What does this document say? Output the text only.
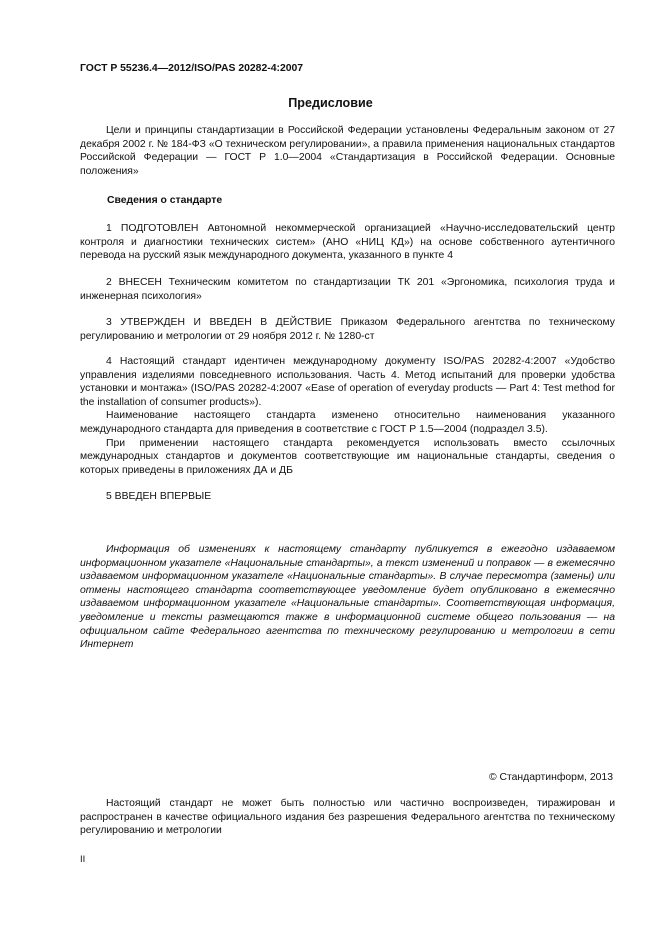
ГОСТ Р 55236.4—2012/ISO/PAS 20282-4:2007
Предисловие

Цели и принципы стандартизации в Российской Федерации установлены Федеральным законом от 27 декабря 2002 г. № 184-ФЗ «О техническом регулировании», а правила применения национальных стандартов Российской Федерации — ГОСТ Р 1.0—2004 «Стандартизация в Российской Федерации. Основные положения»

Сведения о стандарте

1 ПОДГОТОВЛЕН Автономной некоммерческой организацией «Научно-исследовательский центр контроля и диагностики технических систем» (АНО «НИЦ КД») на основе собственного аутентичного перевода на русский язык международного документа, указанного в пункте 4

2 ВНЕСЕН Техническим комитетом по стандартизации ТК 201 «Эргономика, психология труда и инженерная психология»

3 УТВЕРЖДЕН И ВВЕДЕН В ДЕЙСТВИЕ Приказом Федерального агентства по техническому регулированию и метрологии от 29 ноября 2012 г. № 1280-ст

4 Настоящий стандарт идентичен международному документу ISO/PAS 20282-4:2007 «Удобство управления изделиями повседневного использования. Часть 4. Метод испытаний для проверки удобства установки и монтажа» (ISO/PAS 20282-4:2007 «Ease of operation of everyday products — Part 4: Test method for the installation of consumer products»).

Наименование настоящего стандарта изменено относительно наименования указанного международного стандарта для приведения в соответствие с ГОСТ Р 1.5—2004 (подраздел 3.5).

При применении настоящего стандарта рекомендуется использовать вместо ссылочных международных стандартов и документов соответствующие им национальные стандарты, сведения о которых приведены в приложениях ДА и ДБ

5 ВВЕДЕН ВПЕРВЫЕ

Информация об изменениях к настоящему стандарту публикуется в ежегодно издаваемом информационном указателе «Национальные стандарты», а текст изменений и поправок — в ежемесячно издаваемом информационном указателе «Национальные стандарты». В случае пересмотра (замены) или отмены настоящего стандарта соответствующее уведомление будет опубликовано в ежемесячно издаваемом информационном указателе «Национальные стандарты». Соответствующая информация, уведомление и тексты размещаются также в информационной системе общего пользования — на официальном сайте Федерального агентства по техническому регулированию и метрологии в сети Интернет

© Стандартинформ, 2013

Настоящий стандарт не может быть полностью или частично воспроизведен, тиражирован и распространен в качестве официального издания без разрешения Федерального агентства по техническому регулированию и метрологии

II
